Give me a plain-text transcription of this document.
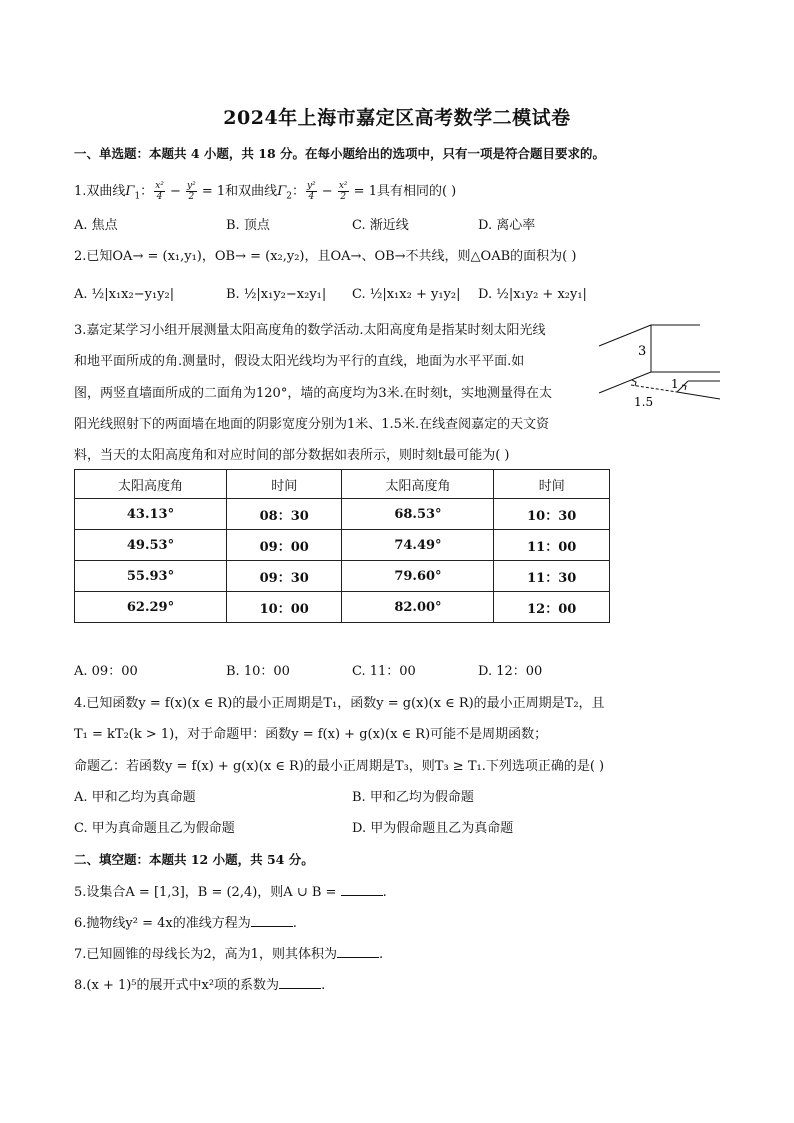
2024年上海市嘉定区高考数学二模试卷
一、单选题：本题共 4 小题，共 18 分。在每小题给出的选项中，只有一项是符合题目要求的。
1.双曲线$\Gamma_1$： $\frac{\text{x²}}{4} - \frac{\text{y²}}{2} = 1$和双曲线$\Gamma_2$： $\frac{\text{y²}}{4} - \frac{\text{x²}}{2} = 1$具有相同的( )
A. 焦点	B. 顶点	C. 渐近线	D. 离心率
2.已知OA→ = (x₁,y₁)，OB→ = (x₂,y₂)，且OA→、OB→不共线，则△OAB的面积为( )
A. ½|x₁x₂−y₁y₂|	B. ½|x₁y₂−x₂y₁| C. ½|x₁x₂ + y₁y₂| D. ½|x₁y₂ + x₂y₁|
3.嘉定某学习小组开展测量太阳高度角的数学活动.太阳高度角是指某时刻太阳光线
和地平面所成的角.测量时，假设太阳光线均为平行的直线，地面为水平平面.如
图，两竖直墙面所成的二面角为120°，墙的高度均为3米.在时刻t，实地测量得在太
阳光线照射下的两面墙在地面的阴影宽度分别为1米、1.5米.在线查阅嘉定的天文资
料，当天的太阳高度角和对应时间的部分数据如表所示，则时刻t最可能为( )
3
1
1.5
太阳高度角	时间	太阳高度角	时间
43.13°	08：30	68.53°	10：30
49.53°	09：00	74.49°	11：00
55.93°	09：30	79.60°	11：30
62.29°	10：00	82.00°	12：00
A. 09：00	B. 10：00	C. 11：00	D. 12：00
4.已知函数y = f(x)(x ∈ R)的最小正周期是T₁，函数y = g(x)(x ∈ R)的最小正周期是T₂，且
T₁ = kT₂(k > 1)，对于命题甲：函数y = f(x) + g(x)(x ∈ R)可能不是周期函数；
命题乙：若函数y = f(x) + g(x)(x ∈ R)的最小正周期是T₃，则T₃ ≥ T₁.下列选项正确的是( )
A. 甲和乙均为真命题	B. 甲和乙均为假命题
C. 甲为真命题且乙为假命题	D. 甲为假命题且乙为真命题
二、填空题：本题共 12 小题，共 54 分。
5.设集合A = [1,3]，B = (2,4)，则A ∪ B =	.
6.抛物线y² = 4x的准线方程为	.
7.已知圆锥的母线长为2，高为1，则其体积为	.
8.(x + 1)⁵的展开式中x²项的系数为	.
